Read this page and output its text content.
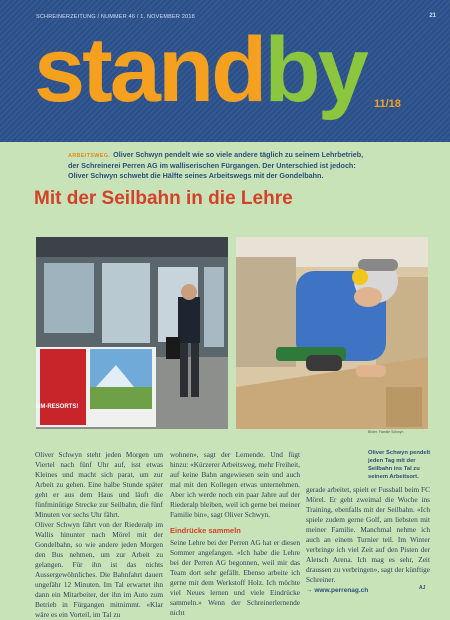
SCHREINERZEITUNG / NUMMER 46 / 1. NOVEMBER 2018	21
standby 11/18
ARBEITSWEG. Oliver Schwyn pendelt wie so viele andere täglich zu seinem Lehrbetrieb, der Schreinerei Perren AG im walliserischen Fürgangen. Der Unterschied ist jedoch: Oliver Schwyn schwebt die Hälfte seines Arbeitswegs mit der Gondelbahn.
Mit der Seilbahn in die Lehre
UM-RESORTS!
Bilder: Familie Schwyn
Oliver Schwyn pendelt jeden Tag mit der Seilbahn ins Tal zu seinem Arbeitsort.

Oliver Schwyn steht jeden Morgen um Viertel nach fünf Uhr auf, isst etwas Kleines und macht sich parat, um zur Arbeit zu gehen. Eine halbe Stunde später geht er aus dem Haus und läuft die fünfminütige Strecke zur Seilbahn, die fünf Minuten vor sechs Uhr fährt.

Oliver Schwyn fährt von der Riederalp im Wallis hinunter nach Mörel mit der Gondelbahn, so wie andere jeden Morgen den Bus nehmen, um zur Arbeit zu gelangen. Für ihn ist das nichts Aussergewöhnliches. Die Bahnfahrt dauert ungefähr 12 Minuten. Im Tal erwartet ihn dann ein Mitarbeiter, der ihn im Auto zum Betrieb in Fürgangen mitnimmt. «Klar wäre es ein Vorteil, im Tal zu

wohnen», sagt der Lernende. Und fügt hinzu: «Kürzerer Arbeitsweg, mehr Freiheit, auf keine Bahn angewiesen sein und auch mal mit den Kollegen etwas unternehmen. Aber ich werde noch ein paar Jahre auf der Riederalp bleiben, weil ich gerne bei meiner Familie bin», sagt Oliver Schwyn.

Eindrücke sammeln

Seine Lehre bei der Perren AG hat er diesen Sommer angefangen. «Ich habe die Lehre bei der Perren AG begonnen, weil mir das Team dort sehr gefällt. Ebenso arbeite ich gerne mit dem Werkstoff Holz. Ich möchte viel Neues lernen und viele Eindrücke sammeln.» Wenn der Schreinerlernende nicht

gerade arbeitet, spielt er Fussball beim FC Mörel. Er geht zweimal die Woche ins Training, ebenfalls mit der Seilbahn. «Ich spiele zudem gerne Golf, am liebsten mit meiner Familie. Manchmal nehme ich auch an einem Turnier teil. Im Winter verbringe ich viel Zeit auf den Pisten der Aletsch Arena. Ich mag es sehr, Zeit draussen zu verbringen», sagt der künftige Schreiner.

→ www.perrenag.ch	AJ
